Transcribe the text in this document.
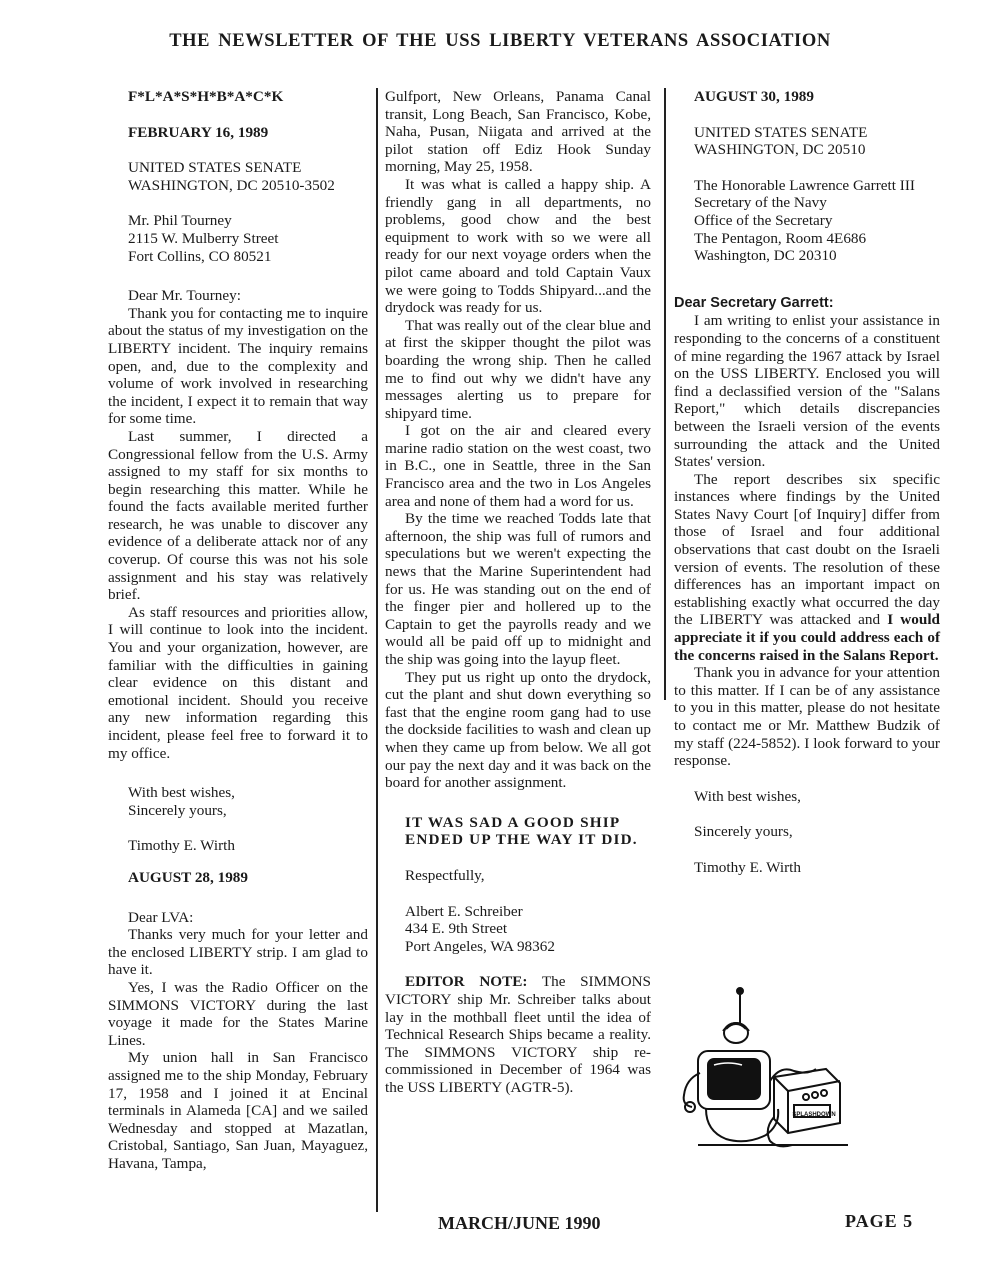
THE NEWSLETTER OF THE USS LIBERTY VETERANS ASSOCIATION

F*L*A*S*H*B*A*C*K

FEBRUARY 16, 1989

UNITED STATES SENATE
WASHINGTON, DC 20510-3502
Mr. Phil Tourney
2115 W. Mulberry Street
Fort Collins, CO 80521

Dear Mr. Tourney:

Thank you for contacting me to inquire about the status of my investigation on the LIBERTY incident. The inquiry remains open, and, due to the complexity and volume of work involved in researching the incident, I expect it to remain that way for some time.

Last summer, I directed a Congressional fellow from the U.S. Army assigned to my staff for six months to begin researching this matter. While he found the facts available merited further research, he was unable to discover any evidence of a deliberate attack nor of any coverup. Of course this was not his sole assignment and his stay was relatively brief.

As staff resources and priorities allow, I will continue to look into the incident. You and your organization, however, are familiar with the difficulties in gaining clear evidence on this distant and emotional incident. Should you receive any new information regarding this incident, please feel free to forward it to my office.

With best wishes,
Sincerely yours,

Timothy E. Wirth

AUGUST 28, 1989

Dear LVA:

Thanks very much for your letter and the enclosed LIBERTY strip. I am glad to have it.

Yes, I was the Radio Officer on the SIMMONS VICTORY during the last voyage it made for the States Marine Lines.

My union hall in San Francisco assigned me to the ship Monday, February 17, 1958 and I joined it at Encinal terminals in Alameda [CA] and we sailed Wednesday and stopped at Mazatlan, Cristobal, Santiago, San Juan, Mayaguez, Havana, Tampa,

Gulfport, New Orleans, Panama Canal transit, Long Beach, San Francisco, Kobe, Naha, Pusan, Niigata and arrived at the pilot station off Ediz Hook Sunday morning, May 25, 1958.

It was what is called a happy ship. A friendly gang in all departments, no problems, good chow and the best equipment to work with so we were all ready for our next voyage orders when the pilot came aboard and told Captain Vaux we were going to Todds Shipyard...and the drydock was ready for us.

That was really out of the clear blue and at first the skipper thought the pilot was boarding the wrong ship. Then he called me to find out why we didn't have any messages alerting us to prepare for shipyard time.

I got on the air and cleared every marine radio station on the west coast, two in B.C., one in Seattle, three in the San Francisco area and the two in Los Angeles area and none of them had a word for us.

By the time we reached Todds late that afternoon, the ship was full of rumors and speculations but we weren't expecting the news that the Marine Superintendent had for us. He was standing out on the end of the finger pier and hollered up to the Captain to get the payrolls ready and we would all be paid off up to midnight and the ship was going into the layup fleet.

They put us right up onto the drydock, cut the plant and shut down everything so fast that the engine room gang had to use the dockside facilities to wash and clean up when they came up from below. We all got our pay the next day and it was back on the board for another assignment.

IT WAS SAD A GOOD SHIP ENDED UP THE WAY IT DID.

Respectfully,

Albert E. Schreiber
434 E. 9th Street
Port Angeles, WA 98362

EDITOR NOTE: The SIMMONS VICTORY ship Mr. Schreiber talks about lay in the mothball fleet until the idea of Technical Research Ships became a reality. The SIMMONS VICTORY ship re-commissioned in December of 1964 was the USS LIBERTY (AGTR-5).

AUGUST 30, 1989

UNITED STATES SENATE
WASHINGTON, DC 20510

The Honorable Lawrence Garrett III

Secretary of the Navy
Office of the Secretary
The Pentagon, Room 4E686
Washington, DC 20310

Dear Secretary Garrett:

I am writing to enlist your assistance in responding to the concerns of a constituent of mine regarding the 1967 attack by Israel on the USS LIBERTY. Enclosed you will find a declassified version of the "Salans Report," which details discrepancies between the Israeli version of the events surrounding the attack and the United States' version.

The report describes six specific instances where findings by the United States Navy Court [of Inquiry] differ from those of Israel and four additional observations that cast doubt on the Israeli version of events. The resolution of these differences has an important impact on establishing exactly what occurred the day the LIBERTY was attacked and I would appreciate it if you could address each of the concerns raised in the Salans Report.

Thank you in advance for your attention to this matter. If I can be of any assistance to you in this matter, please do not hesitate to contact me or Mr. Matthew Budzik of my staff (224-5852). I look forward to your response.

With best wishes,

Sincerely yours,

Timothy E. Wirth

SPLASHDOWN
MARCH/JUNE 1990	PAGE 5
